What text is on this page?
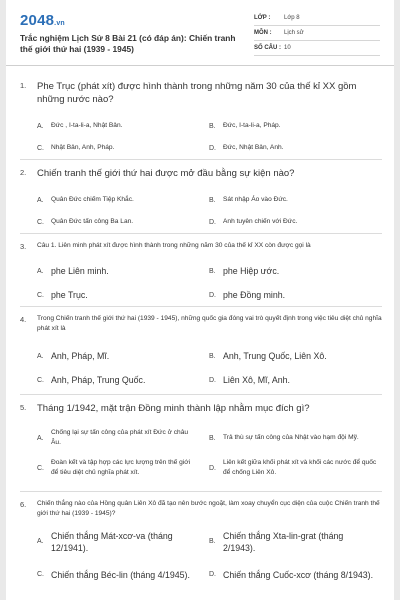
2048.vn
Trắc nghiệm Lịch Sử 8 Bài 21 (có đáp án): Chiến tranh thế giới thứ hai (1939 - 1945)
LỚP :	Lớp 8
MÔN :	Lịch sử
SỐ CÂU : 10
1.	Phe Trục (phát xít) được hình thành trong những năm 30 của thế kỉ XX gồm những nước nào?
A.	Đức , I-ta-li-a, Nhật Bản.	B.	Đức, I-ta-li-a, Pháp.
C.	Nhật Bản, Anh, Pháp.	D.	Đức, Nhật Bản, Anh.
2.	Chiến tranh thế giới thứ hai được mở đầu bằng sự kiện nào?
A.	Quân Đức chiếm Tiệp Khắc.	B.	Sát nhập Áo vào Đức.
C.	Quân Đức tấn công Ba Lan.	D.	Anh tuyên chiến với Đức.
3.	Câu 1. Liên minh phát xít được hình thành trong những năm 30 của thế kỉ XX còn được gọi là
A. phe Liên minh.	B. phe Hiệp ước.
C. phe Trục.	D. phe Đồng minh.
4.	Trong Chiến tranh thế giới thứ hai (1939 - 1945), những quốc gia đóng vai trò quyết định trong việc tiêu diệt chủ nghĩa phát xít là
A. Anh, Pháp, Mĩ.	B. Anh, Trung Quốc, Liên Xô.
C. Anh, Pháp, Trung Quốc.	D. Liên Xô, Mĩ, Anh.
5.	Tháng 1/1942, mặt trận Đồng minh thành lập nhằm mục đích gì?
A.
Chống lại sự tấn công của phát xít Đức ở châu Âu.
B.	Trả thù sự tấn công của Nhật vào hạm đội Mỹ.
C.
Đoàn kết và tập hợp các lực lượng trên thế giới để tiêu diệt chủ nghĩa phát xít.
D.
Liên kết giữa khối phát xít và khối các nước để quốc để chống Liên Xô.
6.	Chiến thắng nào của Hồng quân Liên Xô đã tạo nên bước ngoặt, làm xoay chuyển cục diện của cuộc Chiến tranh thế giới thứ hai (1939 - 1945)?
A.
Chiến thắng Mát-xcơ-va (tháng 12/1941).
B.
Chiến thắng Xta-lin-grat (tháng 2/1943).
C. Chiến thắng Béc-lin (tháng 4/1945).	D. Chiến thắng Cuốc-xcơ (tháng 8/1943).
